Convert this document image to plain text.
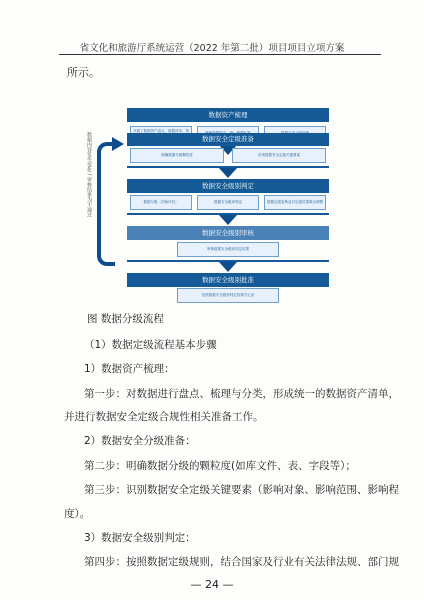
省文化和旅游厅系统运营（2022 年第二批）项目项目立项方案
所示。
数据内容发生变化 / 审核结果为不通过
数据资产梳理
开展了数据资产盘点、数据清单、资
数据安全定级准备
明确数据分级颗粒度	识别数据安全定级关键要素
数据安全级别判定
数据分级（初始评估）	数据安全级别判定	数据定级复核及对定级结果做出调整
数据安全级别审核
审核数据安全级别判定结果
数据安全级别批准
批准数据安全级别判定结果并记录
图 数据分级流程
（1）数据定级流程基本步骤
1）数据资产梳理：
第一步：对数据进行盘点、梳理与分类，形成统一的数据资产清单，
并进行数据安全定级合规性相关准备工作。
2）数据安全分级准备：
第二步：明确数据分级的颗粒度(如库文件、表、字段等）；
第三步：识别数据安全定级关键要素（影响对象、影响范围、影响程
度）。
3）数据安全级别判定：
第四步：按照数据定级规则，结合国家及行业有关法律法规、部门规
— 24 —
